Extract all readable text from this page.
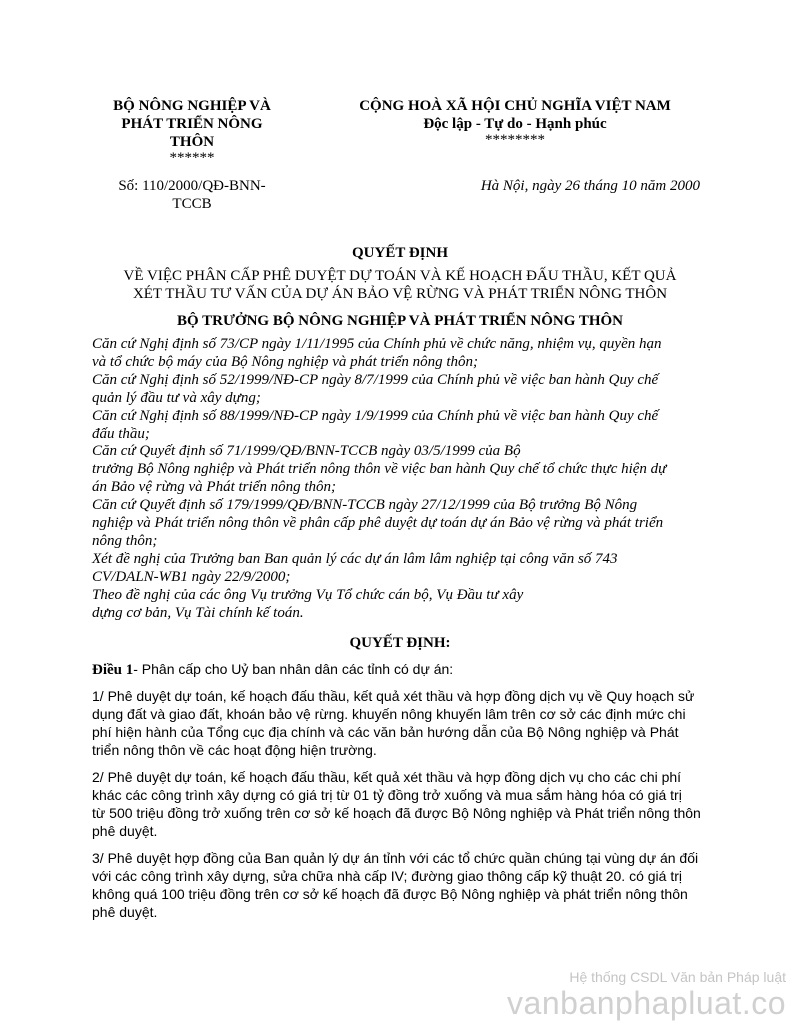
BỘ NÔNG NGHIỆP VÀ
PHÁT TRIỂN NÔNG
THÔN
******
CỘNG HOÀ XÃ HỘI CHỦ NGHĨA VIỆT NAM
Độc lập - Tự do - Hạnh phúc
********
Số: 110/2000/QĐ-BNN-
TCCB
Hà Nội, ngày 26 tháng 10 năm 2000
QUYẾT ĐỊNH
VỀ VIỆC PHÂN CẤP PHÊ DUYỆT DỰ TOÁN VÀ KẾ HOẠCH ĐẤU THẦU, KẾT QUẢ
XÉT THẦU TƯ VẤN CỦA DỰ ÁN BẢO VỆ RỪNG VÀ PHÁT TRIỂN NÔNG THÔN
BỘ TRƯỞNG BỘ NÔNG NGHIỆP VÀ PHÁT TRIỂN NÔNG THÔN
Căn cứ Nghị định số 73/CP ngày 1/11/1995 của Chính phủ về chức năng, nhiệm vụ, quyền hạn
và tổ chức bộ máy của Bộ Nông nghiệp và phát triển nông thôn;
Căn cứ Nghị định số 52/1999/NĐ-CP ngày 8/7/1999 của Chính phủ về việc ban hành Quy chế
quản lý đầu tư và xây dựng;
Căn cứ Nghị định số 88/1999/NĐ-CP ngày 1/9/1999 của Chính phủ về việc ban hành Quy chế
đấu thầu;
Căn cứ Quyết định số 71/1999/QĐ/BNN-TCCB ngày 03/5/1999 của Bộ
trưởng Bộ Nông nghiệp và Phát triển nông thôn về việc ban hành Quy chế tổ chức thực hiện dự
án Bảo vệ rừng và Phát triển nông thôn;
Căn cứ Quyết định số 179/1999/QĐ/BNN-TCCB ngày 27/12/1999 của Bộ trưởng Bộ Nông
nghiệp và Phát triển nông thôn về phân cấp phê duyệt dự toán dự án Bảo vệ rừng và phát triển
nông thôn;
Xét đề nghị của Trưởng ban Ban quản lý các dự án lâm lâm nghiệp tại công văn số 743
CV/DALN-WB1 ngày 22/9/2000;
Theo đề nghị của các ông Vụ trưởng Vụ Tổ chức cán bộ, Vụ Đầu tư xây
dựng cơ bản, Vụ Tài chính kế toán.
QUYẾT ĐỊNH:
Điều 1- Phân cấp cho Uỷ ban nhân dân các tỉnh có dự án:
1/ Phê duyệt dự toán, kế hoạch đấu thầu, kết quả xét thầu và hợp đồng dịch vụ về Quy hoạch sử
dụng đất và giao đất, khoán bảo vệ rừng. khuyến nông khuyến lâm trên cơ sở các định mức chi
phí hiện hành của Tổng cục địa chính và các văn bản hướng dẫn của Bộ Nông nghiệp và Phát
triển nông thôn về các hoạt động hiện trường.
2/ Phê duyệt dự toán, kế hoạch đấu thầu, kết quả xét thầu và hợp đồng dịch vụ cho các chi phí
khác các công trình xây dựng có giá trị từ 01 tỷ đồng trở xuống và mua sắm hàng hóa có giá trị
từ 500 triệu đồng trở xuống trên cơ sở kế hoạch đã được Bộ Nông nghiệp và Phát triển nông thôn
phê duyệt.
3/ Phê duyệt hợp đồng của Ban quản lý dự án tỉnh với các tổ chức quần chúng tại vùng dự án đối
với các công trình xây dựng, sửa chữa nhà cấp IV; đường giao thông cấp kỹ thuật 20. có giá trị
không quá 100 triệu đồng trên cơ sở kế hoạch đã được Bộ Nông nghiệp và phát triển nông thôn
phê duyệt.
Hệ thống CSDL Văn bản Pháp luật
vanbanphapluat.co
